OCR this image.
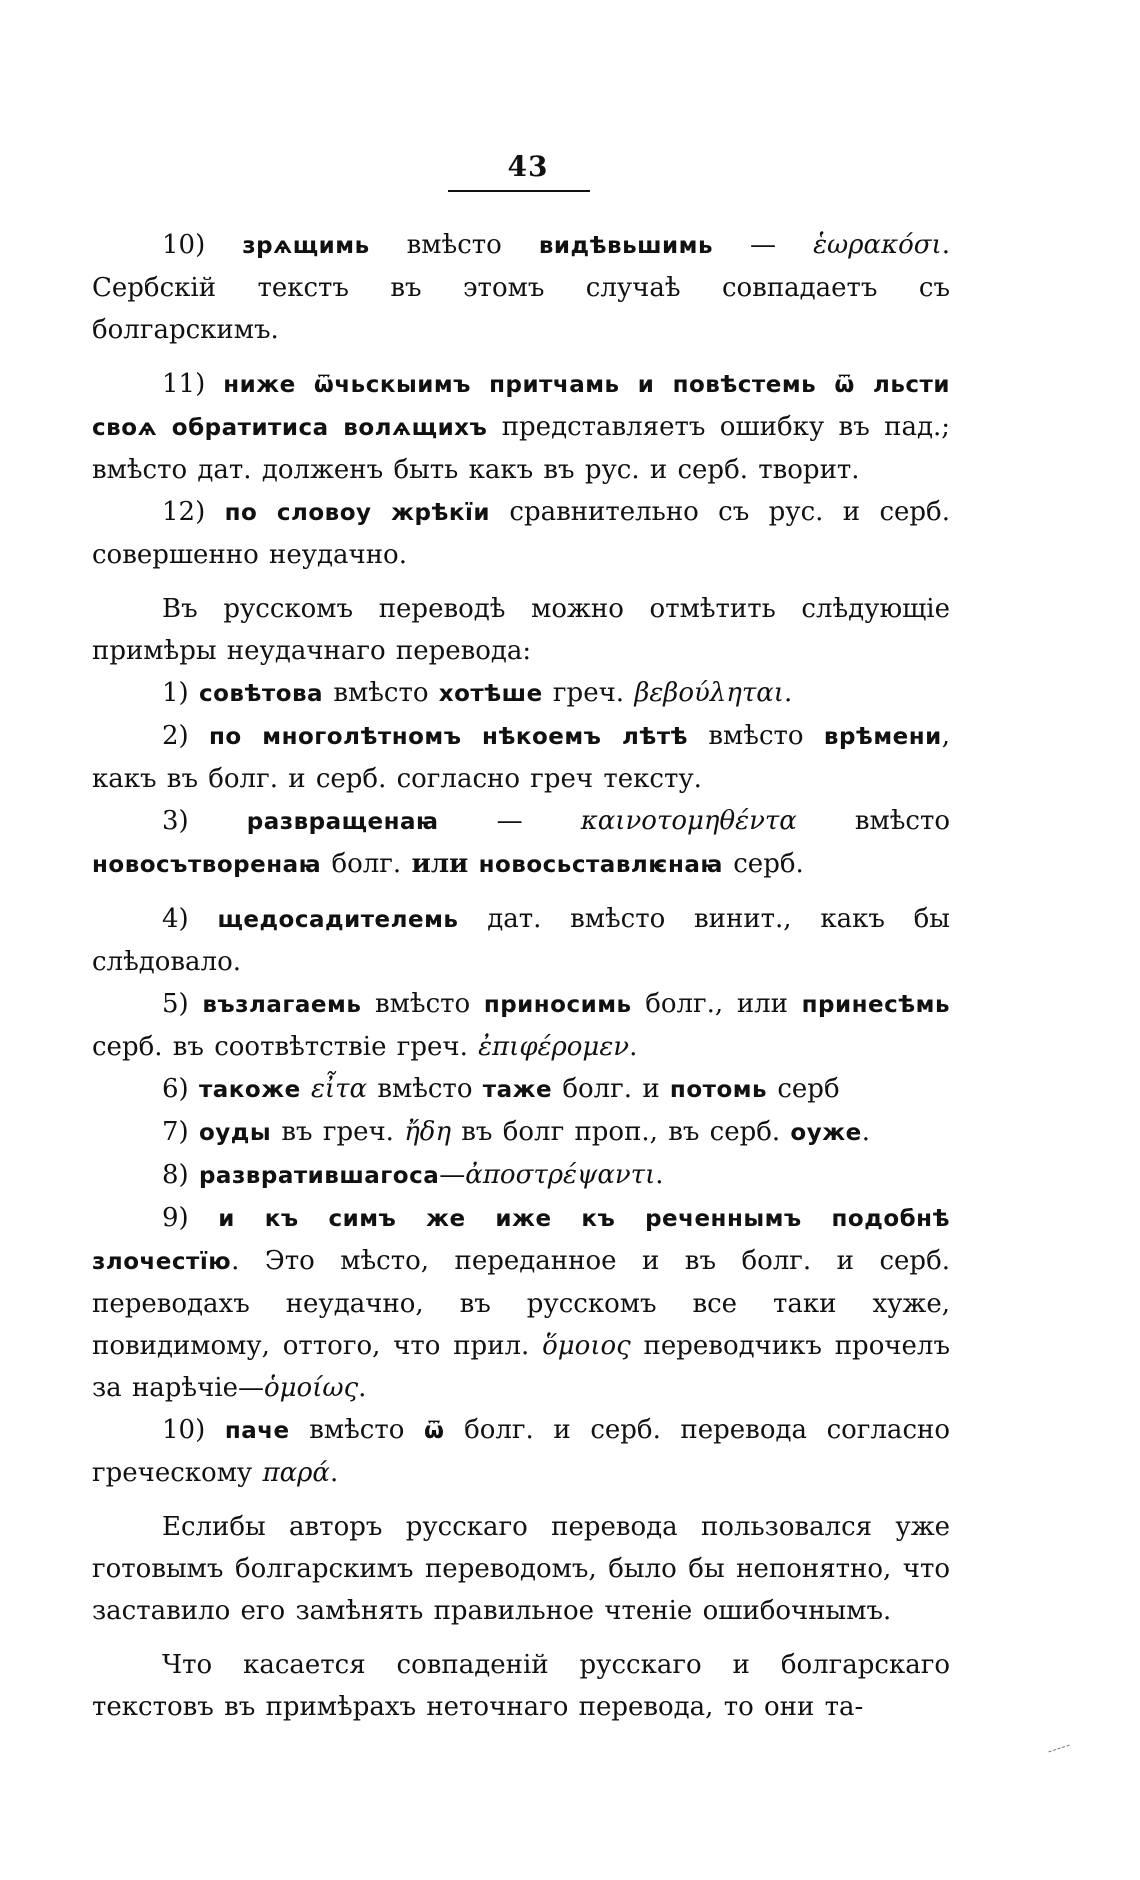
43

10) зрѧщимь вмѣсто видѣвьшимь — ἑωρακόσι. Сербскій текстъ въ этомъ случаѣ совпадаетъ съ болгарскимъ.

11) ниже ѿчьскыимъ притчамь и повѣстемь ѿ льсти своѧ обратитиса волѧщихъ представляетъ ошибку въ пад.; вмѣсто дат. долженъ быть какъ въ рус. и серб. творит.

12) по словоу жрѣкїи сравнительно съ рус. и серб. совершенно неудачно.

Въ русскомъ переводѣ можно отмѣтить слѣдующіе примѣры неудачнаго перевода:

1) совѣтова вмѣсто хотѣше греч. βεβούληται.

2) по многолѣтномъ нѣкоемъ лѣтѣ вмѣсто врѣмени, какъ въ болг. и серб. согласно греч тексту.

3) развращенаꙗ — καινοτομηθέντα вмѣсто новосътворенаꙗ болг. или новосьставлѥнаꙗ серб.

4) щедосадителемь дат. вмѣсто винит., какъ бы слѣдовало.

5) възлагаемь вмѣсто приносимь болг., или принесѣмь серб. въ соотвѣтствіе греч. ἐπιφέρομεν.

6) такоже εἶτα вмѣсто таже болг. и потомь серб

7) оуды въ греч. ἤδη въ болг проп., въ серб. оуже.

8) развратившагоса—ἀποστρέψαντι.

9) и къ симъ же иже къ реченнымъ подобнѣ злочестїю. Это мѣсто, переданное и въ болг. и серб. переводахъ неудачно, въ русскомъ все таки хуже, повидимому, оттого, что прил. ὅμοιος переводчикъ прочелъ за нарѣчіе—ὁμοίως.

10) паче вмѣсто ѿ болг. и серб. перевода согласно греческому παρά.

Еслибы авторъ русскаго перевода пользовался уже готовымъ болгарскимъ переводомъ, было бы непонятно, что заставило его замѣнять правильное чтеніе ошибочнымъ.

Что касается совпаденій русскаго и болгарскаго текстовъ въ примѣрахъ неточнаго перевода, то они та-
